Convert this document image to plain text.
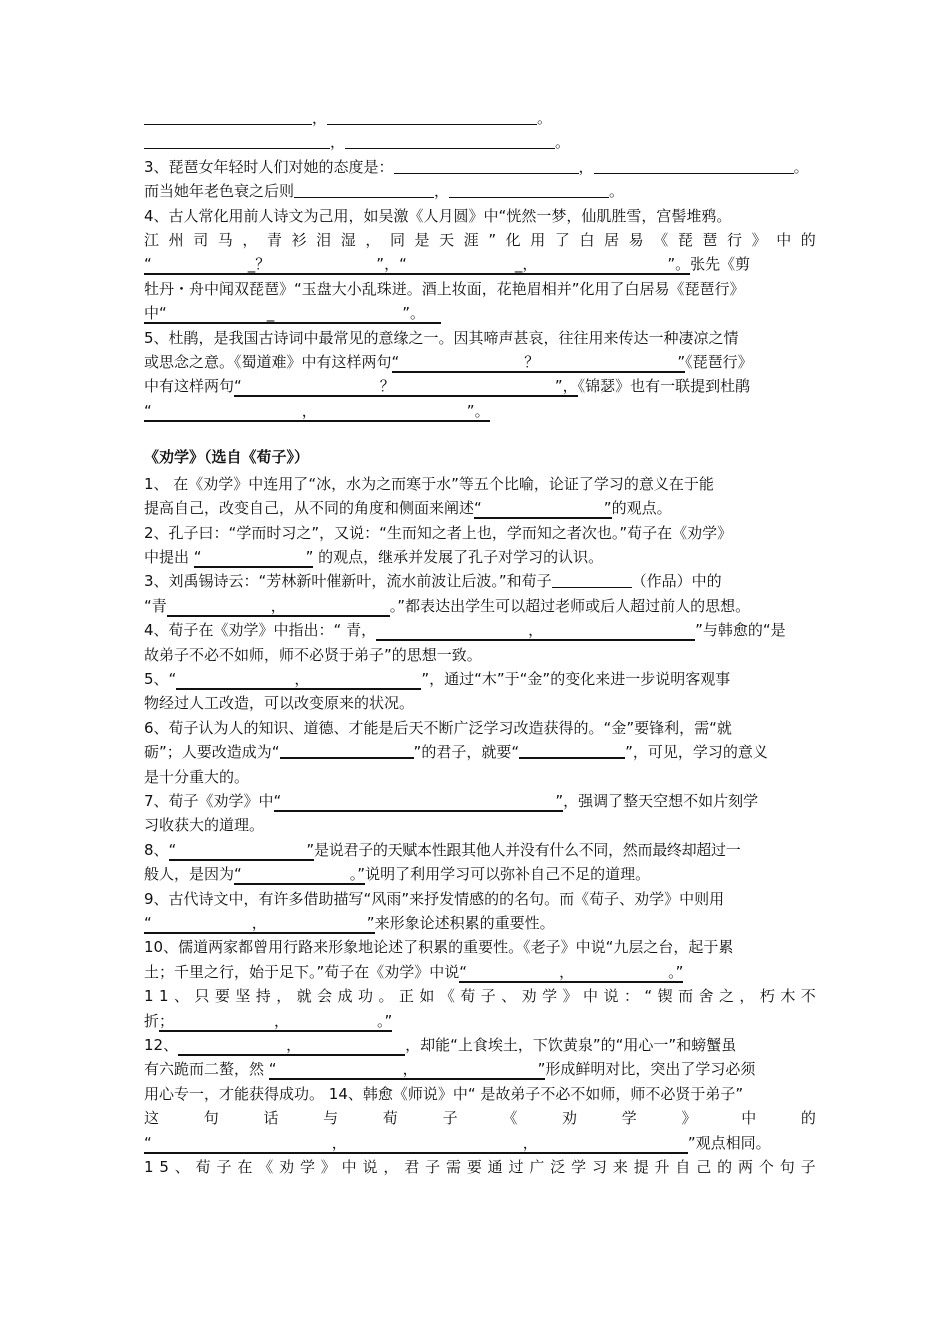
，	。
，	。
3、琵琶女年轻时人们对她的态度是：	，	。
而当她年老色衰之后则	，	。
4、古人常化用前人诗文为己用，如吴激《人月圆》中“恍然一梦，仙肌胜雪，宫髻堆鸦。
江 州 司 马 ， 青 衫 泪 湿 ， 同 是 天 涯 ” 化 用 了 白 居 易 《 琵 琶 行 》 中 的
“	_？	”，“	_，	”。张先《剪
牡丹・舟中闻双琵琶》“玉盘大小乱珠迸。酒上妆面，花艳眉相并”化用了白居易《琵琶行》
中“	_	”。
5、杜鹃，是我国古诗词中最常见的意缘之一。因其啼声甚哀，往往用来传达一种凄凉之情
或思念之意。《蜀道难》中有这样两句“	？	”《琵琶行》
中有这样两句“	？	”，《锦瑟》也有一联提到杜鹃
“	，	”。
《劝学》（选自《荀子》）
1、 在《劝学》中连用了“冰，水为之而寒于水”等五个比喻，论证了学习的意义在于能
提高自己，改变自己，从不同的角度和侧面来阐述“	”的观点。
2、孔子曰：“学而时习之”，又说：“生而知之者上也，学而知之者次也。”荀子在《劝学》
中提出 “	” 的观点，继承并发展了孔子对学习的认识。
3、刘禹锡诗云：“芳林新叶催新叶，流水前波让后波。”和荀子	（作品）中的
“青	，	。”都表达出学生可以超过老师或后人超过前人的思想。
4、荀子在《劝学》中指出：“ 青，	，	”与韩愈的“是
故弟子不必不如师，师不必贤于弟子”的思想一致。
5、“	，	”，通过“木”于“金”的变化来进一步说明客观事
物经过人工改造，可以改变原来的状况。
6、荀子认为人的知识、道德、才能是后天不断广泛学习改造获得的。“金”要锋利，需“就
砺”；人要改造成为“	”的君子，就要“	”，可见，学习的意义
是十分重大的。
7、荀子《劝学》中“	”，强调了整天空想不如片刻学
习收获大的道理。
8、“	”是说君子的天赋本性跟其他人并没有什么不同，然而最终却超过一
般人，是因为“	。”说明了利用学习可以弥补自己不足的道理。
9、古代诗文中，有许多借助描写“风雨”来抒发情感的的名句。而《荀子、劝学》中则用
“	，	”来形象论述积累的重要性。
10、儒道两家都曾用行路来形象地论述了积累的重要性。《老子》中说“九层之台，起于累
土；千里之行，始于足下。”荀子在《劝学》中说“	，	。”
1 1 、 只 要 坚 持 ， 就 会 成 功 。 正 如 《 荀 子 、 劝 学 》 中 说 ： “ 锲 而 舍 之 ， 朽 木 不
折；	，	。”
12、	，	，却能“上食埃土，下饮黄泉”的“用心一”和螃蟹虽
有六跪而二螯，然 “	，	”形成鲜明对比，突出了学习必须
用心专一，才能获得成功。 14、韩愈《师说》中“ 是故弟子不必不如师，师不必贤于弟子”
这	句	话	与	荀	子	《	劝	学	》	中	的
“	，	，	”观点相同。
1 5 、 荀 子 在 《 劝 学 》 中 说 ， 君 子 需 要 通 过 广 泛 学 习 来 提 升 自 己 的 两 个 句 子
